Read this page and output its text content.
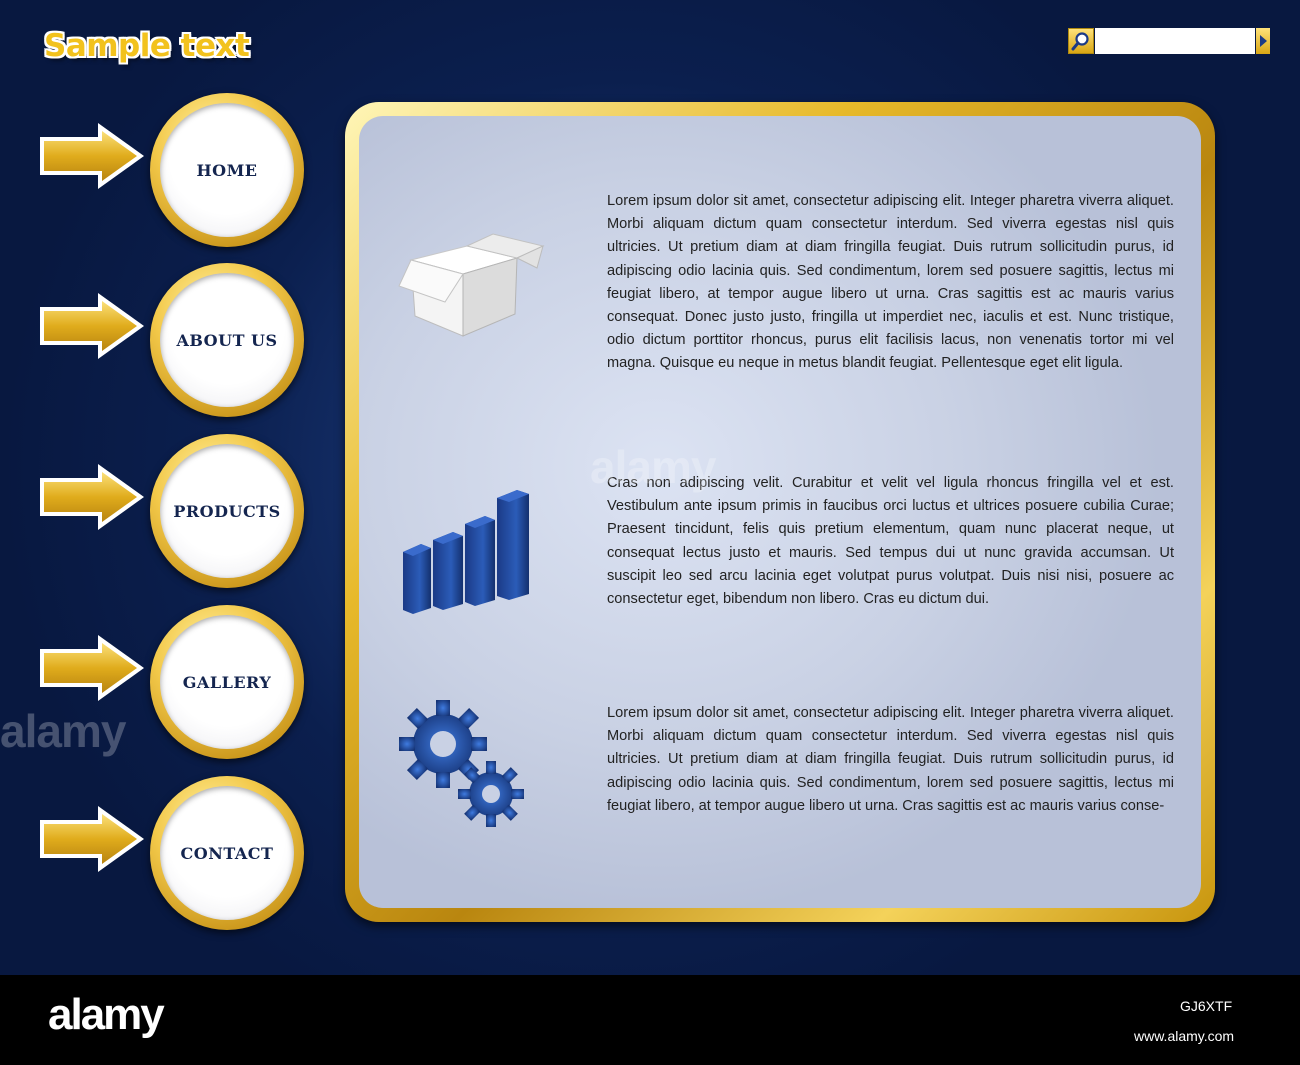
Sample text
HOME
ABOUT US
PRODUCTS
GALLERY
CONTACT
Lorem ipsum dolor sit amet, consectetur adipiscing elit. Integer pharetra viverra aliquet. Morbi aliquam dictum quam consectetur interdum. Sed viverra egestas nisl quis ultricies. Ut pretium diam at diam fringilla feugiat. Duis rutrum sollicitudin purus, id adipiscing odio lacinia quis. Sed condimentum, lorem sed posuere sagittis, lectus mi feugiat libero, at tempor augue libero ut urna. Cras sagittis est ac mauris varius consequat. Donec justo justo, fringilla ut imperdiet nec, iaculis et est. Nunc tristique, odio dictum porttitor rhoncus, purus elit facilisis lacus, non venenatis tortor mi vel magna. Quisque eu neque in metus blandit feugiat. Pellentesque eget elit ligula.
Cras non adipiscing velit. Curabitur et velit vel ligula rhoncus fringilla vel et est. Vestibulum ante ipsum primis in faucibus orci luctus et ultrices posuere cubilia Curae; Praesent tincidunt, felis quis pretium elementum, quam nunc placerat neque, ut consequat lectus justo et mauris. Sed tempus dui ut nunc gravida accumsan. Ut suscipit leo sed arcu lacinia eget volutpat purus volutpat. Duis nisi nisi, posuere ac consectetur eget, bibendum non libero. Cras eu dictum dui.
Lorem ipsum dolor sit amet, consectetur adipiscing elit. Integer pharetra viverra aliquet. Morbi aliquam dictum quam consectetur interdum. Sed viverra egestas nisl quis ultricies. Ut pretium diam at diam fringilla feugiat. Duis rutrum sollicitudin purus, id adipiscing odio lacinia quis. Sed condimentum, lorem sed posuere sagittis, lectus mi feugiat libero, at tempor augue libero ut urna. Cras sagittis est ac mauris varius conse-
alamy
alamy
alamy	GJ6XTF
www.alamy.com
